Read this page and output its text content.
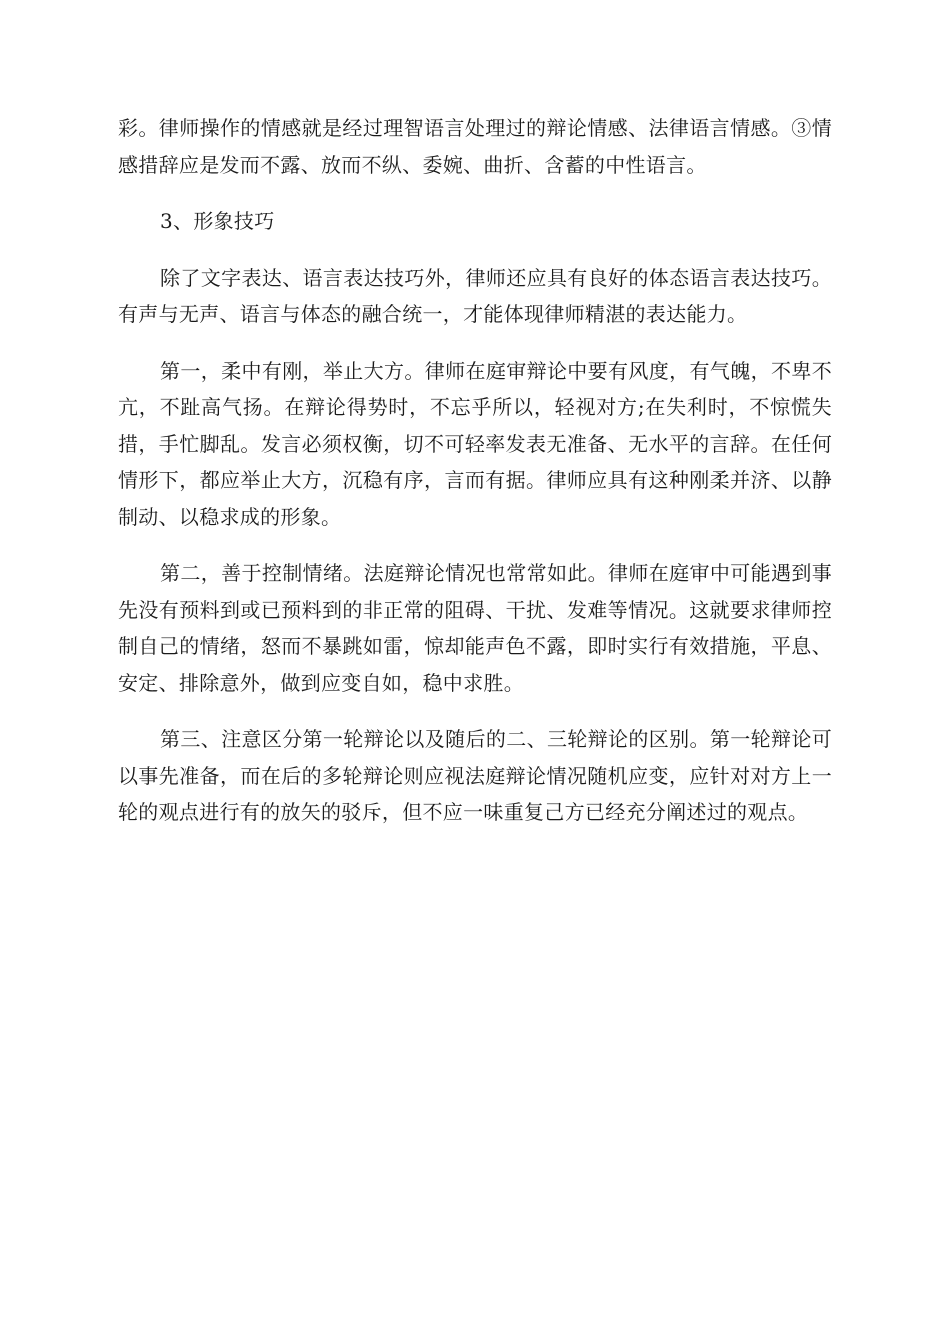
彩。律师操作的情感就是经过理智语言处理过的辩论情感、法律语言情感。③情感措辞应是发而不露、放而不纵、委婉、曲折、含蓄的中性语言。

3、形象技巧

除了文字表达、语言表达技巧外，律师还应具有良好的体态语言表达技巧。有声与无声、语言与体态的融合统一，才能体现律师精湛的表达能力。

第一，柔中有刚，举止大方。律师在庭审辩论中要有风度，有气魄，不卑不亢，不趾高气扬。在辩论得势时，不忘乎所以，轻视对方;在失利时，不惊慌失措，手忙脚乱。发言必须权衡，切不可轻率发表无准备、无水平的言辞。在任何情形下，都应举止大方，沉稳有序，言而有据。律师应具有这种刚柔并济、以静制动、以稳求成的形象。

第二，善于控制情绪。法庭辩论情况也常常如此。律师在庭审中可能遇到事先没有预料到或已预料到的非正常的阻碍、干扰、发难等情况。这就要求律师控制自己的情绪，怒而不暴跳如雷，惊却能声色不露，即时实行有效措施，平息、安定、排除意外，做到应变自如，稳中求胜。

第三、注意区分第一轮辩论以及随后的二、三轮辩论的区别。第一轮辩论可以事先准备，而在后的多轮辩论则应视法庭辩论情况随机应变，应针对对方上一轮的观点进行有的放矢的驳斥，但不应一味重复己方已经充分阐述过的观点。
